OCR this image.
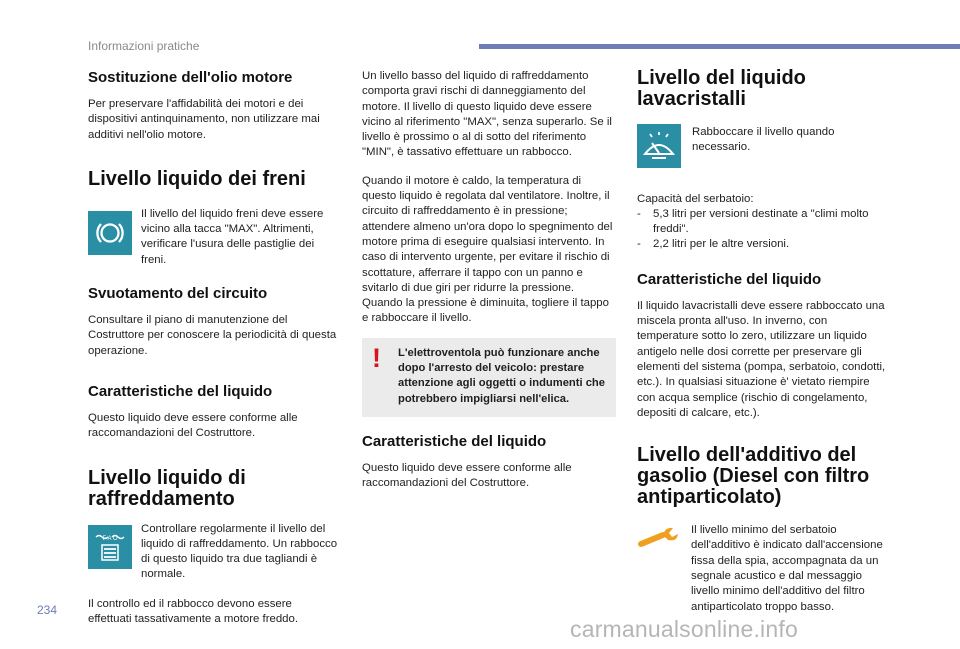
Informazioni pratiche
Sostituzione dell'olio motore

Per preservare l'affidabilità dei motori e dei dispositivi antinquinamento, non utilizzare mai additivi nell'olio motore.

Livello liquido dei freni

Il livello del liquido freni deve essere vicino alla tacca "MAX". Altrimenti, verificare l'usura delle pastiglie dei freni.

Svuotamento del circuito

Consultare il piano di manutenzione del Costruttore per conoscere la periodicità di questa operazione.

Caratteristiche del liquido

Questo liquido deve essere conforme alle raccomandazioni del Costruttore.

Livello liquido di raffreddamento
F A O

Controllare regolarmente il livello del liquido di raffreddamento. Un rabbocco di questo liquido tra due tagliandi è normale.

Il controllo ed il rabbocco devono essere effettuati tassativamente a motore freddo.

Un livello basso del liquido di raffreddamento comporta gravi rischi di danneggiamento del motore. Il livello di questo liquido deve essere vicino al riferimento "MAX", senza superarlo. Se il livello è prossimo o al di sotto del riferimento "MIN", è tassativo effettuare un rabbocco.

Quando il motore è caldo, la temperatura di questo liquido è regolata dal ventilatore. Inoltre, il circuito di raffreddamento è in pressione; attendere almeno un'ora dopo lo spegnimento del motore prima di eseguire qualsiasi intervento. In caso di intervento urgente, per evitare il rischio di scottature, afferrare il tappo con un panno e svitarlo di due giri per ridurre la pressione. Quando la pressione è diminuita, togliere il tappo e rabboccare il livello.

! L'elettroventola può funzionare anche dopo l'arresto del veicolo: prestare attenzione agli oggetti o indumenti che potrebbero impigliarsi nell'elica.

Caratteristiche del liquido

Questo liquido deve essere conforme alle raccomandazioni del Costruttore.

Livello del liquido lavacristalli

Rabboccare il livello quando necessario.

Capacità del serbatoio:

- 5,3 litri per versioni destinate a "climi molto freddi".
- 2,2 litri per le altre versioni.
Caratteristiche del liquido

Il liquido lavacristalli deve essere rabboccato una miscela pronta all'uso. In inverno, con temperature sotto lo zero, utilizzare un liquido antigelo nelle dosi corrette per preservare gli elementi del sistema (pompa, serbatoio, condotti, etc.). In qualsiasi situazione è' vietato riempire con acqua semplice (rischio di congelamento, depositi di calcare, etc.).

Livello dell'additivo del gasolio (Diesel con filtro antiparticolato)

Il livello minimo del serbatoio dell'additivo è indicato dall'accensione fissa della spia, accompagnata da un segnale acustico e dal messaggio livello minimo dell'additivo del filtro antiparticolato troppo basso.

234
carmanualsonline.info
